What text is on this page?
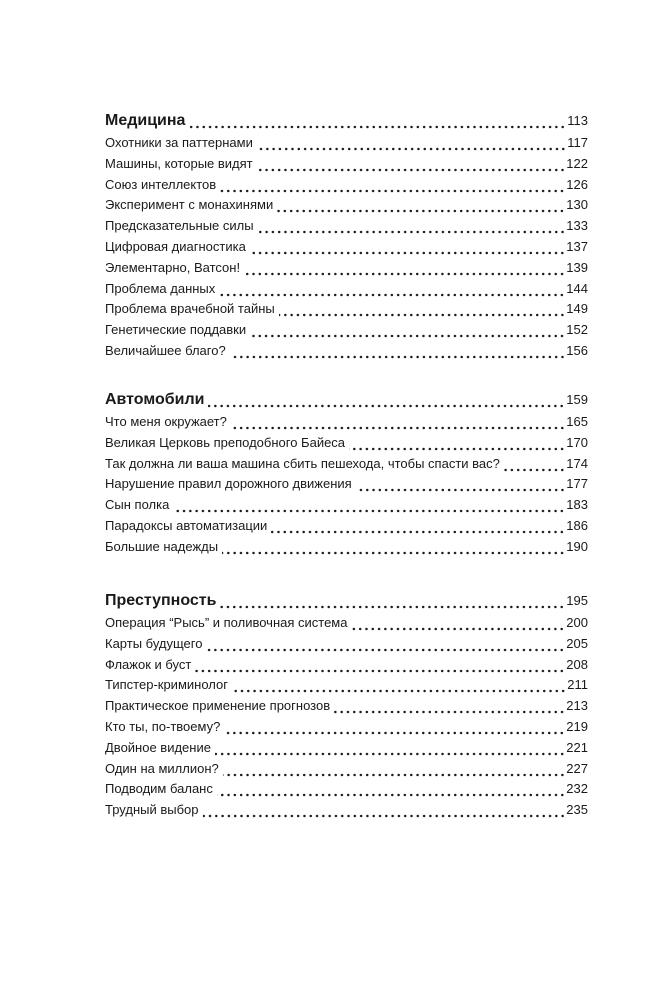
Медицина	113
Охотники за паттернами	117
Машины, которые видят	122
Союз интеллектов	126
Эксперимент с монахинями	130
Предсказательные силы	133
Цифровая диагностика	137
Элементарно, Ватсон!	139
Проблема данных	144
Проблема врачебной тайны	149
Генетические поддавки	152
Величайшее благо?	156
Автомобили	159
Что меня окружает?	165
Великая Церковь преподобного Байеса	170
Так должна ли ваша машина сбить пешехода, чтобы спасти вас?	174
Нарушение правил дорожного движения	177
Сын полка	183
Парадоксы автоматизации	186
Большие надежды	190
Преступность	195
Операция “Рысь” и поливочная система	200
Карты будущего	205
Флажок и буст	208
Типстер-криминолог	211
Практическое применение прогнозов	213
Кто ты, по-твоему?	219
Двойное видение	221
Один на миллион?	227
Подводим баланс	232
Трудный выбор	235
